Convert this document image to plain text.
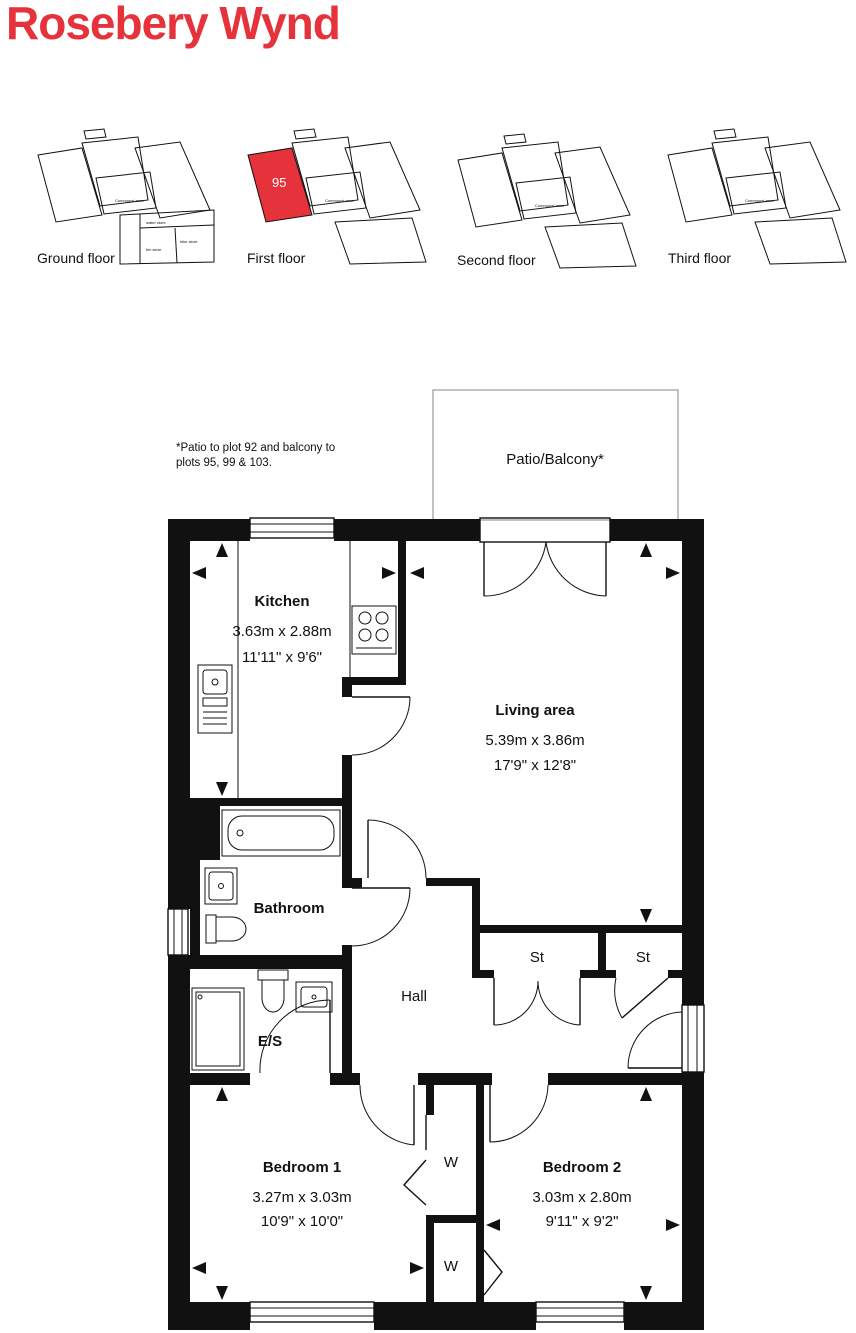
Rosebery Wynd
Communal area
water store
bin store
bike store
Ground floor
Communal area
95
First floor
Communal area
Second floor
Communal area
Third floor
*Patio to plot 92 and balcony to
plots 95, 99 & 103.	Patio/Balcony*
Kitchen
3.63m x 2.88m
11'11" x 9'6"
Living area
5.39m x 3.86m
17'9" x 12'8"
Bathroom
Hall
E/S
St	St
W
W
Bedroom 1
3.27m x 3.03m
10'9" x 10'0"
Bedroom 2
3.03m x 2.80m
9'11" x 9'2"
